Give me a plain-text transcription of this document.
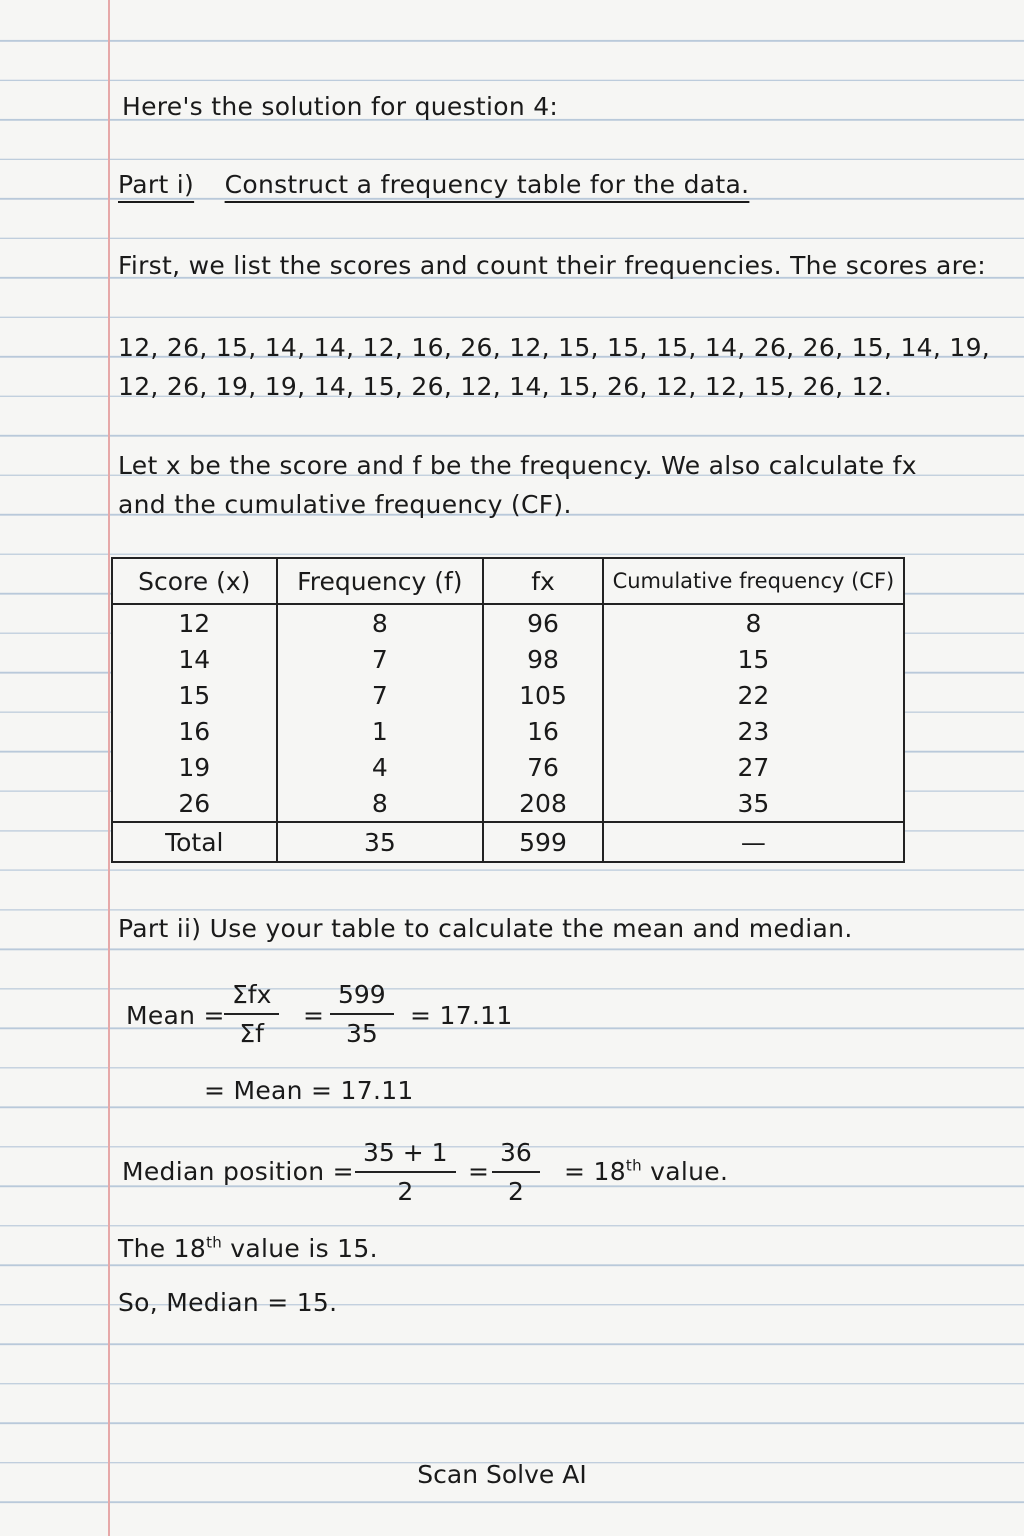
Here's the solution for question 4:
Part i) Construct a frequency table for the data.
First, we list the scores and count their frequencies. The scores are:
12, 26, 15, 14, 14, 12, 16, 26, 12, 15, 15, 15, 14, 26, 26, 15, 14, 19,
12, 26, 19, 19, 14, 15, 26, 12, 14, 15, 26, 12, 12, 15, 26, 12.
Let x be the score and f be the frequency. We also calculate fx
and the cumulative frequency (CF).
Score (x)	Frequency (f)	fx	Cumulative frequency (CF)
12	8	96	8
14	7	98	15
15	7	105	22
16	1	16	23
19	4	76	27
26	8	208	35
Total	35	599	—
Part ii) Use your table to calculate the mean and median.
Mean =
Σfx
Σf
= $\frac{599}{35} = 17.11$
= Mean = 17.11
Median position = $\frac{35 + 1}{2} = \frac{36}{2} = 18th$ value.
The 18th value is 15.
So, Median = 15.
Scan Solve AI
